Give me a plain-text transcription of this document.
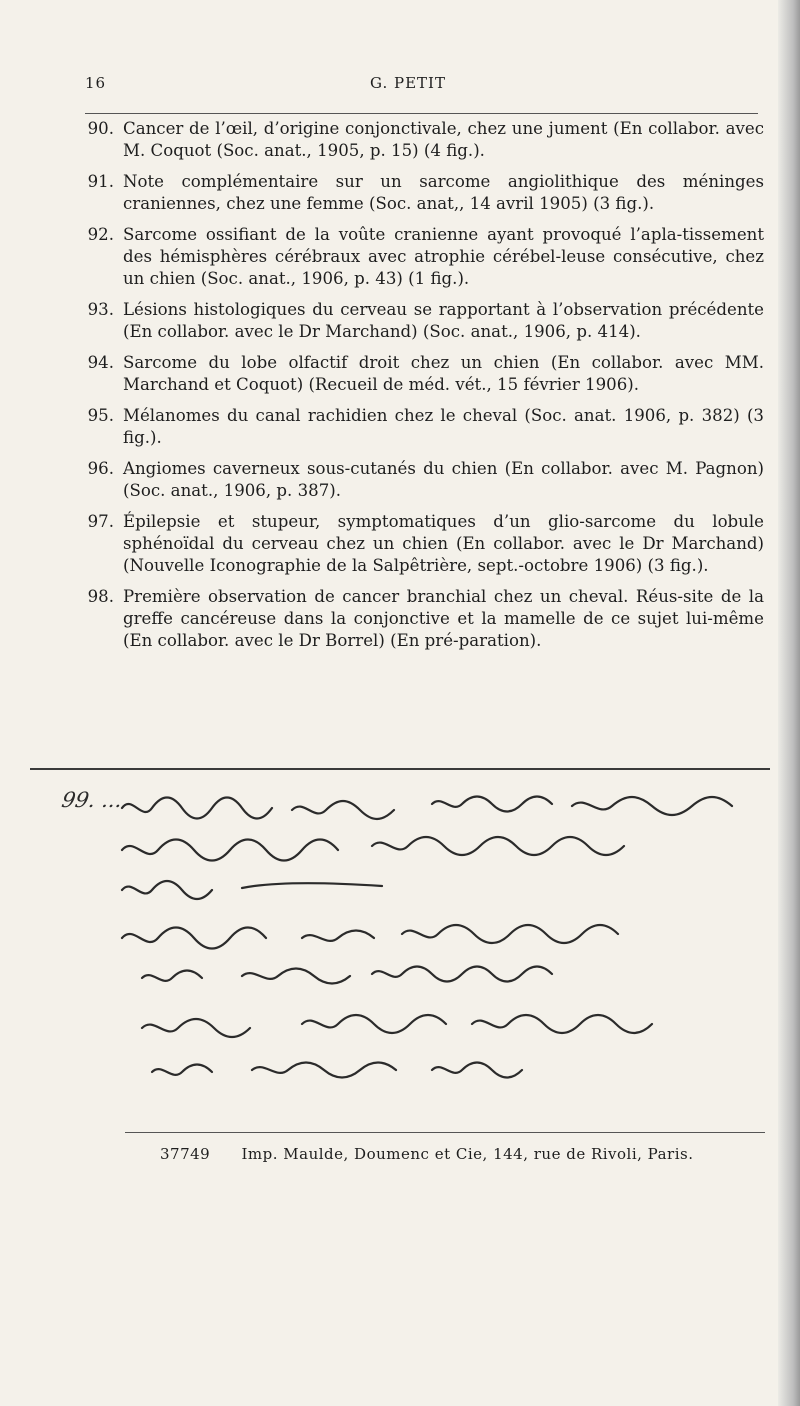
16	G. PETIT
90. Cancer de l’œil, d’origine conjonctivale, chez une jument (En collabor. avec M. Coquot (Soc. anat., 1905, p. 15) (4 fig.).
91. Note complémentaire sur un sarcome angiolithique des méninges craniennes, chez une femme (Soc. anat,, 14 avril 1905) (3 fig.).
92. Sarcome ossifiant de la voûte cranienne ayant provoqué l’apla-tissement des hémisphères cérébraux avec atrophie cérébel-leuse consécutive, chez un chien (Soc. anat., 1906, p. 43) (1 fig.).
93. Lésions histologiques du cerveau se rapportant à l’observation précédente (En collabor. avec le Dr Marchand) (Soc. anat., 1906, p. 414).
94. Sarcome du lobe olfactif droit chez un chien (En collabor. avec MM. Marchand et Coquot) (Recueil de méd. vét., 15 février 1906).
95. Mélanomes du canal rachidien chez le cheval (Soc. anat. 1906, p. 382) (3 fig.).
96. Angiomes caverneux sous-cutanés du chien (En collabor. avec M. Pagnon) (Soc. anat., 1906, p. 387).
97. Épilepsie et stupeur, symptomatiques d’un glio-sarcome du lobule sphénoïdal du cerveau chez un chien (En collabor. avec le Dr Marchand) (Nouvelle Iconographie de la Salpêtrière, sept.-octobre 1906) (3 fig.).
98. Première observation de cancer branchial chez un cheval. Réus-site de la greffe cancéreuse dans la conjonctive et la mamelle de ce sujet lui-même (En collabor. avec le Dr Borrel) (En pré-paration).
99. ...
37749 Imp. Maulde, Doumenc et Cie, 144, rue de Rivoli, Paris.
